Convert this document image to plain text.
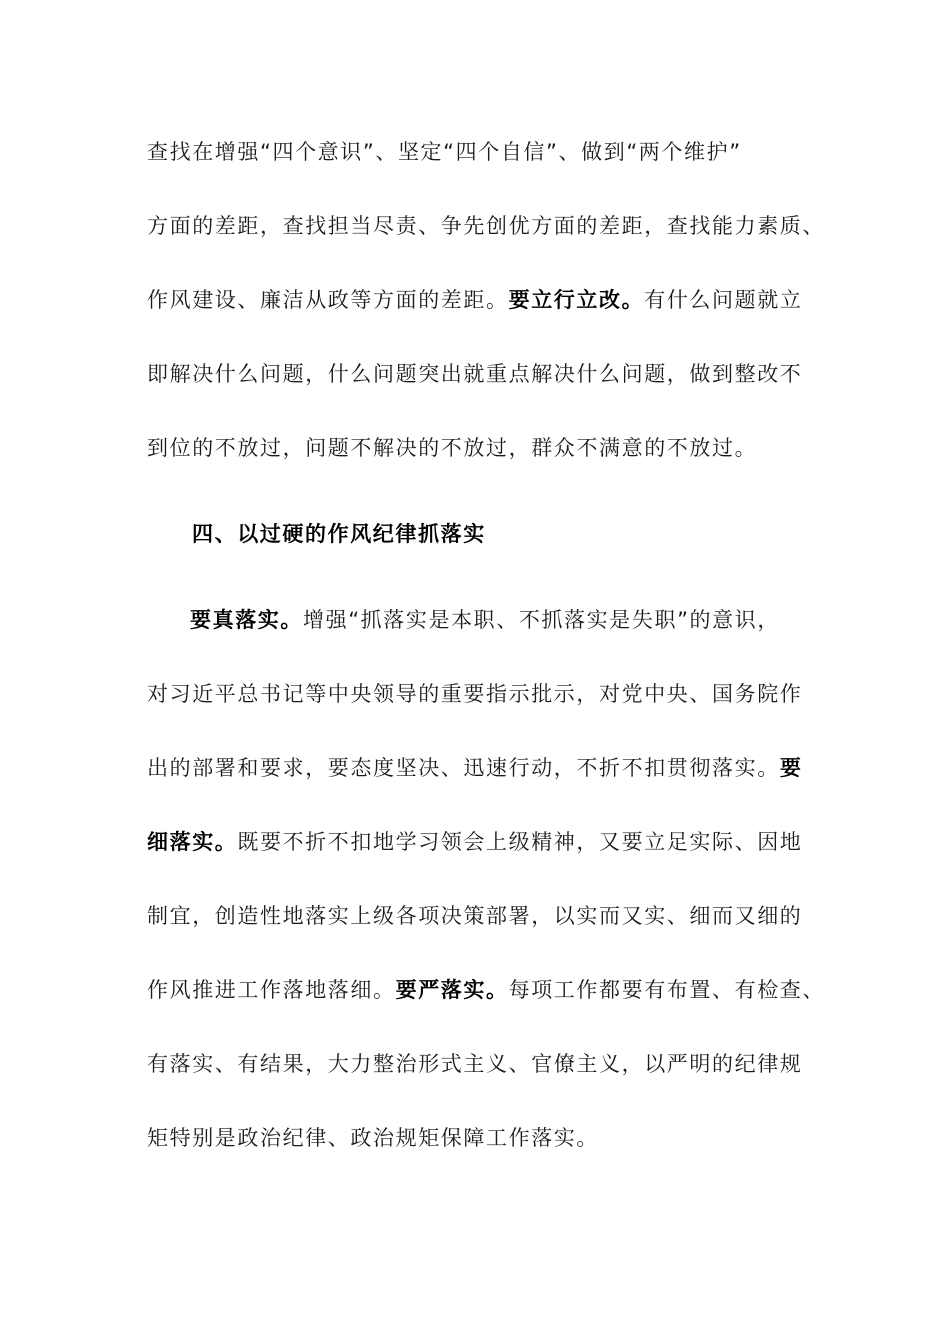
查找在增强“四个意识”、坚定“四个自信”、做到“两个维护”
方面的差距，查找担当尽责、争先创优方面的差距，查找能力素质、
作风建设、廉洁从政等方面的差距。要立行立改。有什么问题就立
即解决什么问题，什么问题突出就重点解决什么问题，做到整改不
到位的不放过，问题不解决的不放过，群众不满意的不放过。
四、以过硬的作风纪律抓落实
要真落实。增强“抓落实是本职、不抓落实是失职”的意识，
对习近平总书记等中央领导的重要指示批示，对党中央、国务院作
出的部署和要求，要态度坚决、迅速行动，不折不扣贯彻落实。要
细落实。既要不折不扣地学习领会上级精神，又要立足实际、因地
制宜，创造性地落实上级各项决策部署，以实而又实、细而又细的
作风推进工作落地落细。要严落实。每项工作都要有布置、有检查、
有落实、有结果，大力整治形式主义、官僚主义，以严明的纪律规
矩特别是政治纪律、政治规矩保障工作落实。
